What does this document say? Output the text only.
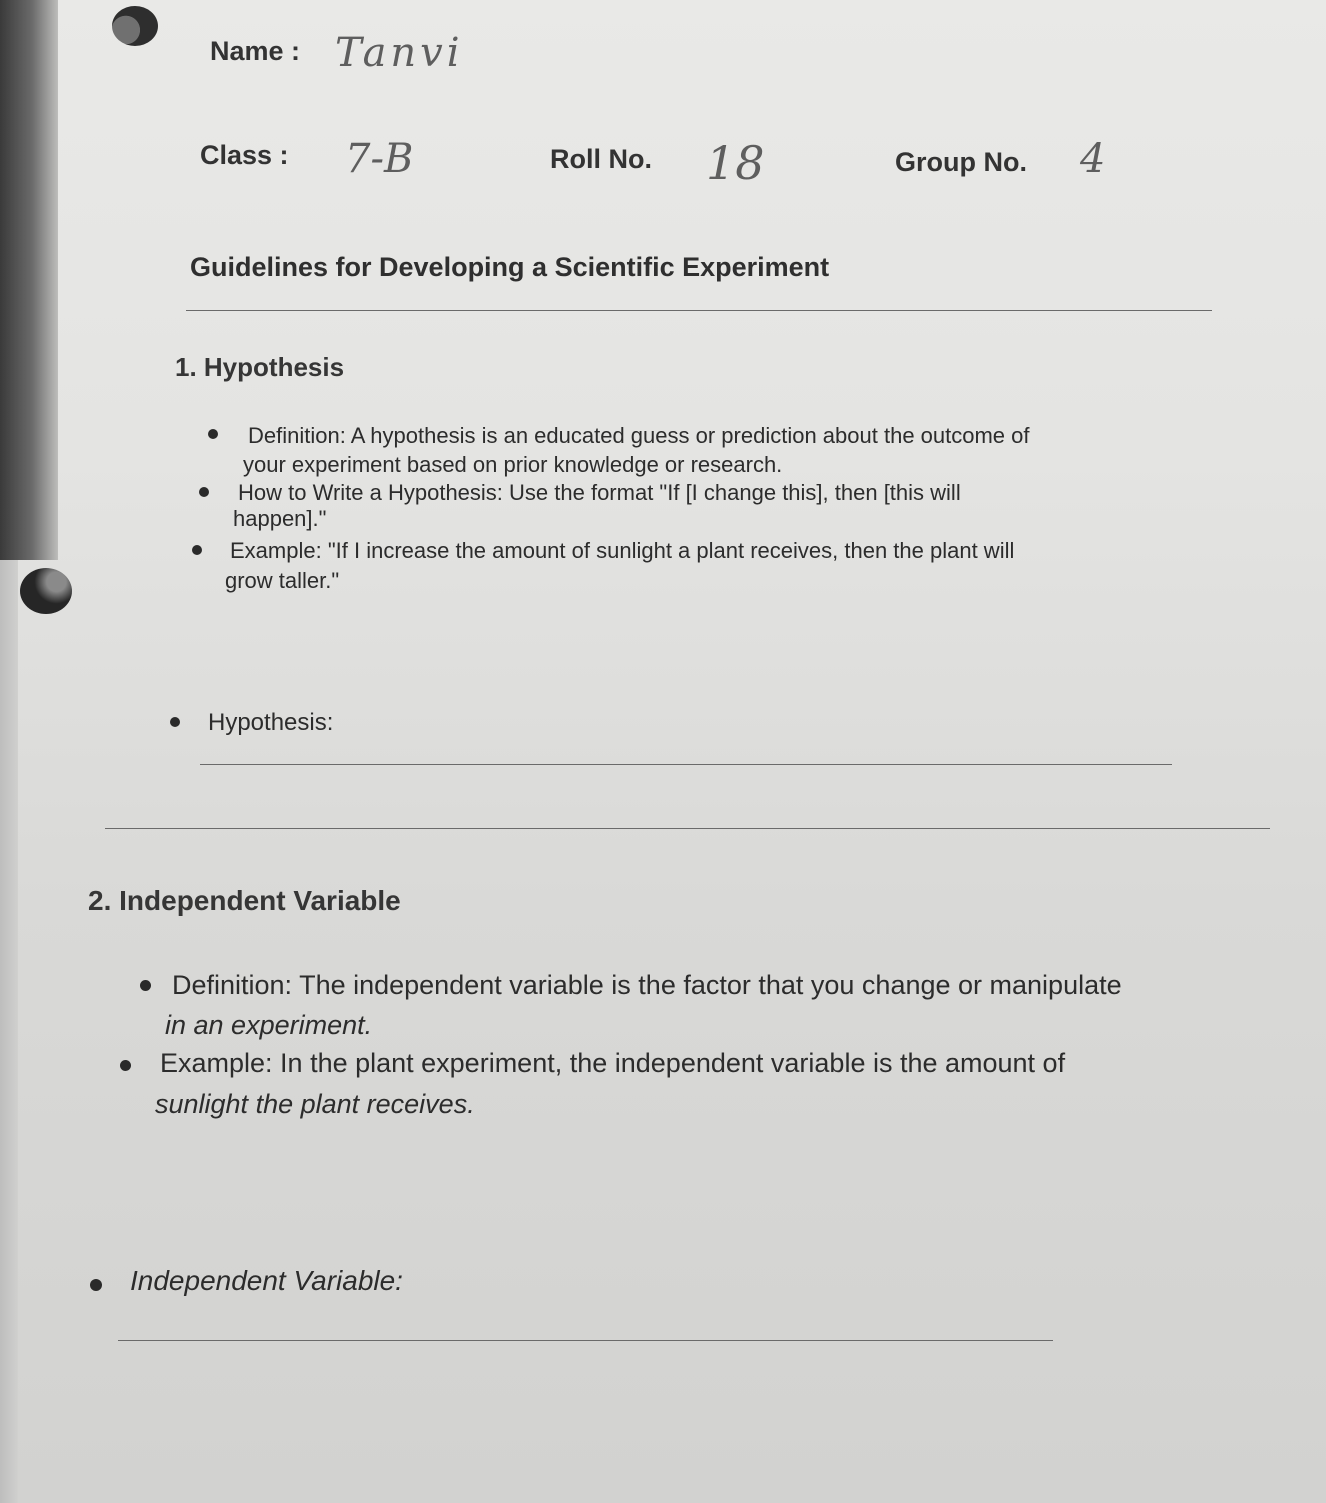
Name : Tanvi
Class : 7-B	Roll No. 18	Group No. 4
Guidelines for Developing a Scientific Experiment
1. Hypothesis
Definition: A hypothesis is an educated guess or prediction about the outcome of
your experiment based on prior knowledge or research.
How to Write a Hypothesis: Use the format "If [I change this], then [this will
happen]."
Example: "If I increase the amount of sunlight a plant receives, then the plant will
grow taller."
Hypothesis:
2. Independent Variable
Definition: The independent variable is the factor that you change or manipulate
in an experiment.
Example: In the plant experiment, the independent variable is the amount of
sunlight the plant receives.
Independent Variable:
